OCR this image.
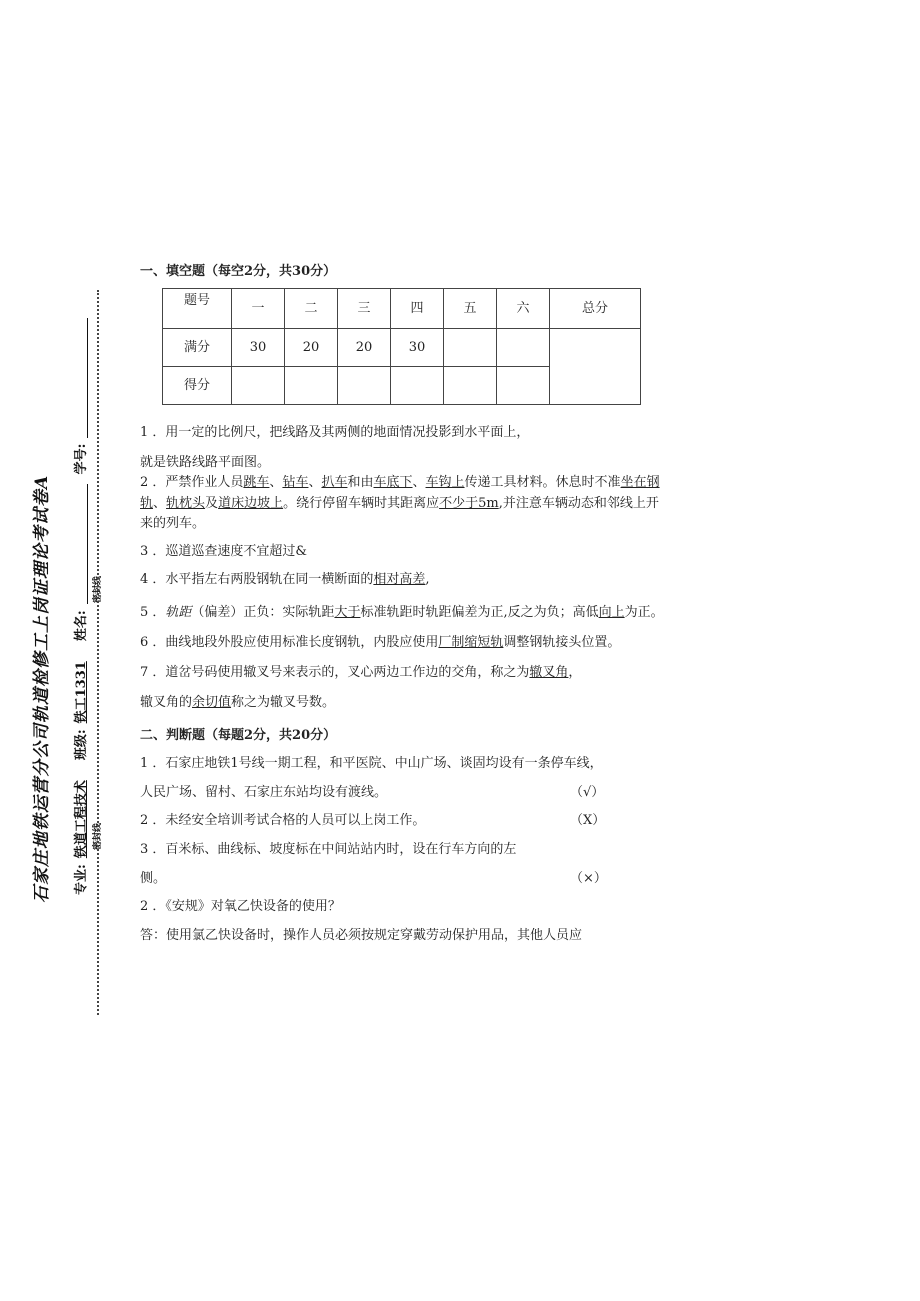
石家庄地铁运营分公司轨道检修工上岗证理论考试卷A	专业:铁道工程技术班级:铁工1331姓名:学号:
密封线
密封线

一、填空题（每空2分，共30分）

题号	一	二	三	四	五	六	总分
满分	30	20	20	30			
得分							

1 ．用一定的比例尺，把线路及其两侧的地面情况投影到水平面上，

就是铁路线路平面图。

2 ．严禁作业人员跳车、钻车、扒车和由车底下、车钩上传递工具材料。休息时不准坐在钢轨、轨枕头及道床边坡上。绕行停留车辆时其距离应不少于5m,并注意车辆动态和邻线上开来的列车。

3 ．巡道巡查速度不宜超过&

4 ．水平指左右两股钢轨在同一横断面的相对高差,

5 ．轨距（偏差）正负：实际轨距大于标准轨距时轨距偏差为正,反之为负；高低向上为正。

6 ．曲线地段外股应使用标准长度钢轨，内股应使用厂制缩短轨调整钢轨接头位置。

7 ．道岔号码使用辙叉号来表示的，叉心两边工作边的交角，称之为辙叉角，
辙叉角的余切值称之为辙叉号数。

二、判断题（每题2分，共20分）

1 ．石家庄地铁1号线一期工程，和平医院、中山广场、谈固均设有一条停车线，
人民广场、留村、石家庄东站均设有渡线。	（√）
2 ．未经安全培训考试合格的人员可以上岗工作。	（X）
3 ．百米标、曲线标、坡度标在中间站站内时，设在行车方向的左
侧。	（×）

2 ．《安规》对氧乙快设备的使用？

答：使用氯乙快设备时，操作人员必须按规定穿戴劳动保护用品，其他人员应
